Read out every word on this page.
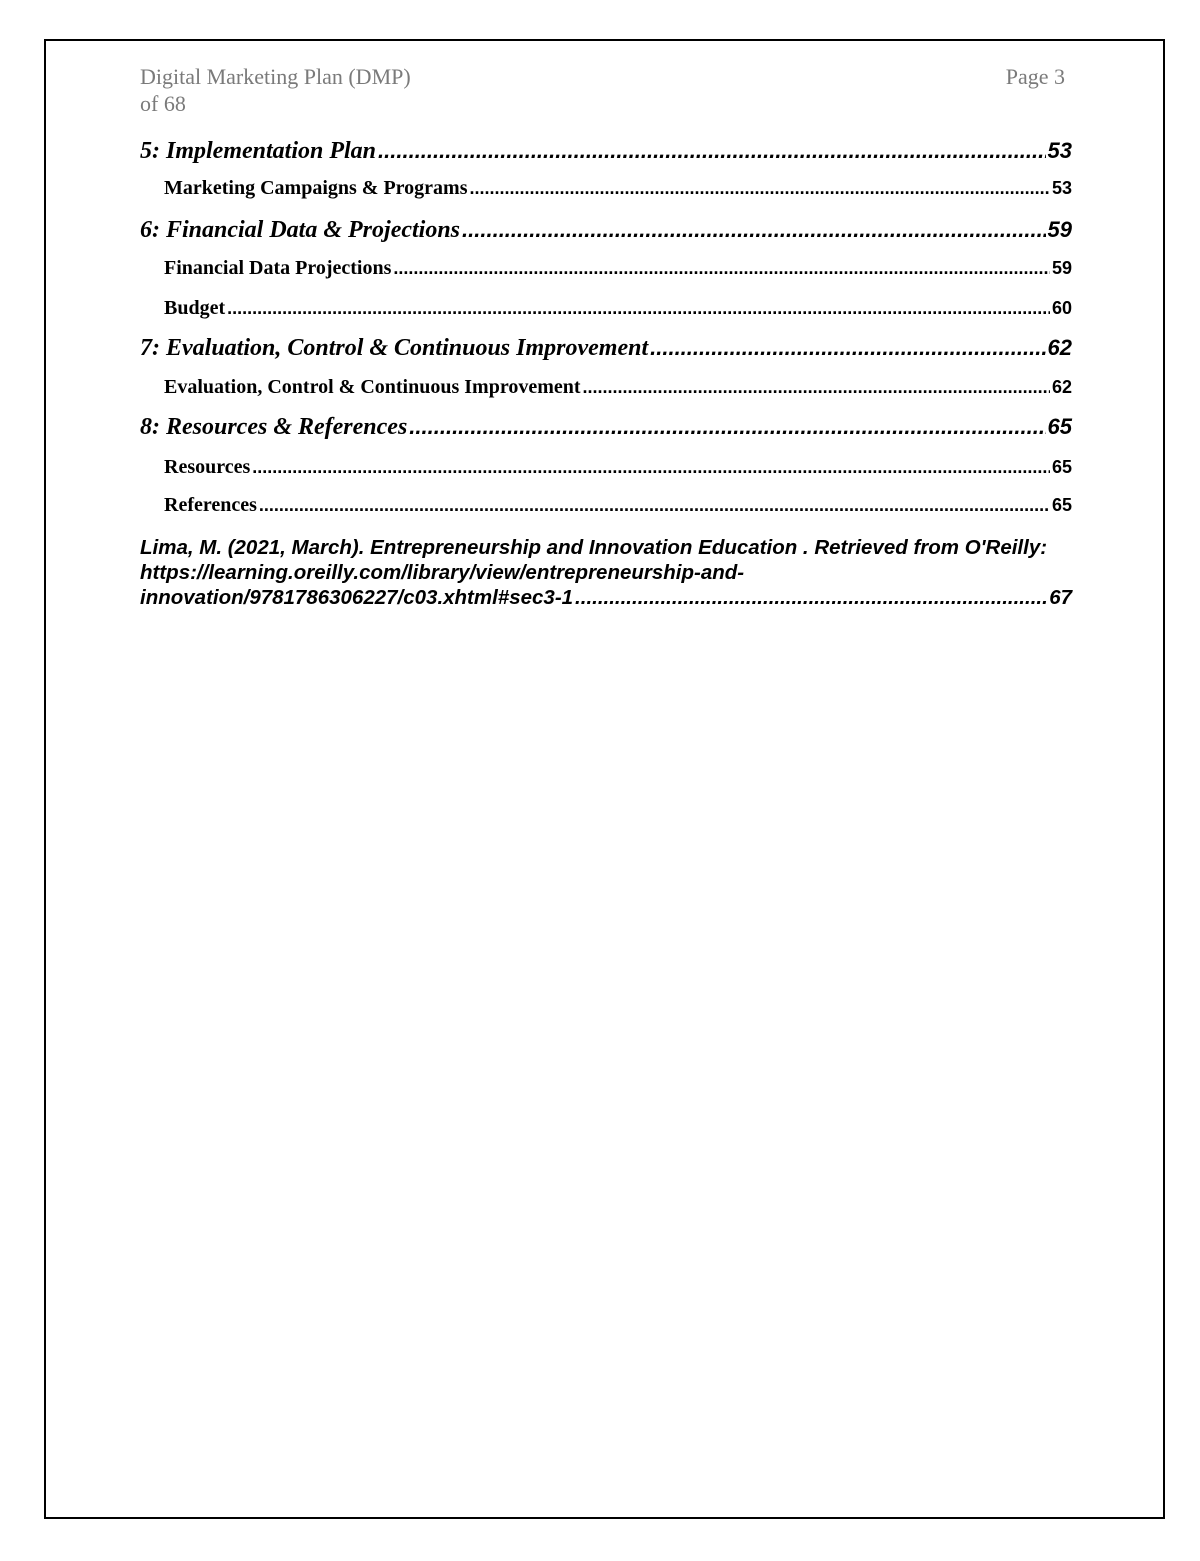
Digital Marketing Plan (DMP)	Page 3
of 68
5: Implementation Plan .....	53
Marketing Campaigns & Programs .....	53
6: Financial Data & Projections .....	59
Financial Data Projections .....	59
Budget .....	60
7: Evaluation, Control & Continuous Improvement .....	62
Evaluation, Control & Continuous Improvement .....	62
8: Resources & References .....	65
Resources .....	65
References .....	65
Lima, M. (2021, March). Entrepreneurship and Innovation Education . Retrieved from O'Reilly:
https://learning.oreilly.com/library/view/entrepreneurship-and-
innovation/9781786306227/c03.xhtml#sec3-1 .....	67
